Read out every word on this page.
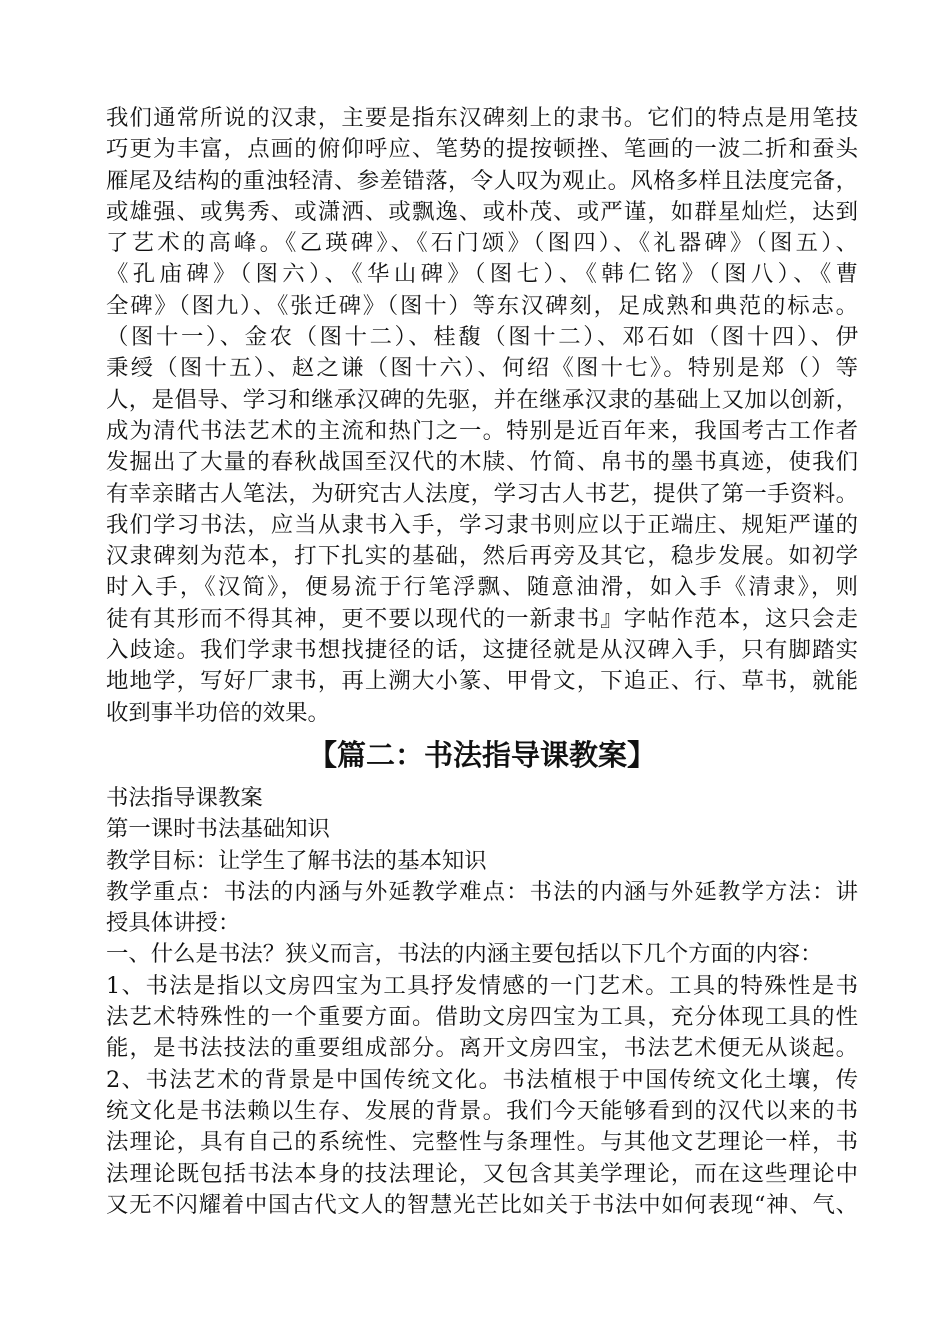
我们通常所说的汉隶，主要是指东汉碑刻上的隶书。它们的特点是用笔技
巧更为丰富，点画的俯仰呼应、笔势的提按顿挫、笔画的一波二折和蚕头
雁尾及结构的重浊轻清、参差错落，令人叹为观止。风格多样且法度完备，
或雄强、或隽秀、或潇洒、或飘逸、或朴茂、或严谨，如群星灿烂，达到
了艺术的高峰。《乙瑛碑》、《石门颂》（图四）、《礼器碑》（图五）、
《孔庙碑》（图六）、《华山碑》（图七）、《韩仁铭》（图八）、《曹
全碑》（图九）、《张迁碑》（图十）等东汉碑刻，足成熟和典范的标志。
（图十一）、金农（图十二）、桂馥（图十二）、邓石如（图十四）、伊
秉绶（图十五）、赵之谦（图十六）、何绍《图十七》。特别是郑（）等
人，是倡导、学习和继承汉碑的先驱，并在继承汉隶的基础上又加以创新，
成为清代书法艺术的主流和热门之一。特别是近百年来，我国考古工作者
发掘出了大量的春秋战国至汉代的木牍、竹简、帛书的墨书真迹，使我们
有幸亲睹古人笔法，为研究古人法度，学习古人书艺，提供了第一手资料。
我们学习书法，应当从隶书入手，学习隶书则应以于正端庄、规矩严谨的
汉隶碑刻为范本，打下扎实的基础，然后再旁及其它，稳步发展。如初学
时入手，《汉简》，便易流于行笔浮飘、随意油滑，如入手《清隶》，则
徒有其形而不得其神，更不要以现代的一新隶书』字帖作范本，这只会走
入歧途。我们学隶书想找捷径的话，这捷径就是从汉碑入手，只有脚踏实
地地学，写好厂隶书，再上溯大小篆、甲骨文，下追正、行、草书，就能
收到事半功倍的效果。
【篇二：书法指导课教案】
书法指导课教案
第一课时书法基础知识
教学目标：让学生了解书法的基本知识
教学重点：书法的内涵与外延教学难点：书法的内涵与外延教学方法：讲
授具体讲授：
一、什么是书法？狭义而言，书法的内涵主要包括以下几个方面的内容：
1、书法是指以文房四宝为工具抒发情感的一门艺术。工具的特殊性是书
法艺术特殊性的一个重要方面。借助文房四宝为工具，充分体现工具的性
能，是书法技法的重要组成部分。离开文房四宝，书法艺术便无从谈起。
2、书法艺术的背景是中国传统文化。书法植根于中国传统文化土壤，传
统文化是书法赖以生存、发展的背景。我们今天能够看到的汉代以来的书
法理论，具有自己的系统性、完整性与条理性。与其他文艺理论一样，书
法理论既包括书法本身的技法理论，又包含其美学理论，而在这些理论中
又无不闪耀着中国古代文人的智慧光芒比如关于书法中如何表现“神、气、
